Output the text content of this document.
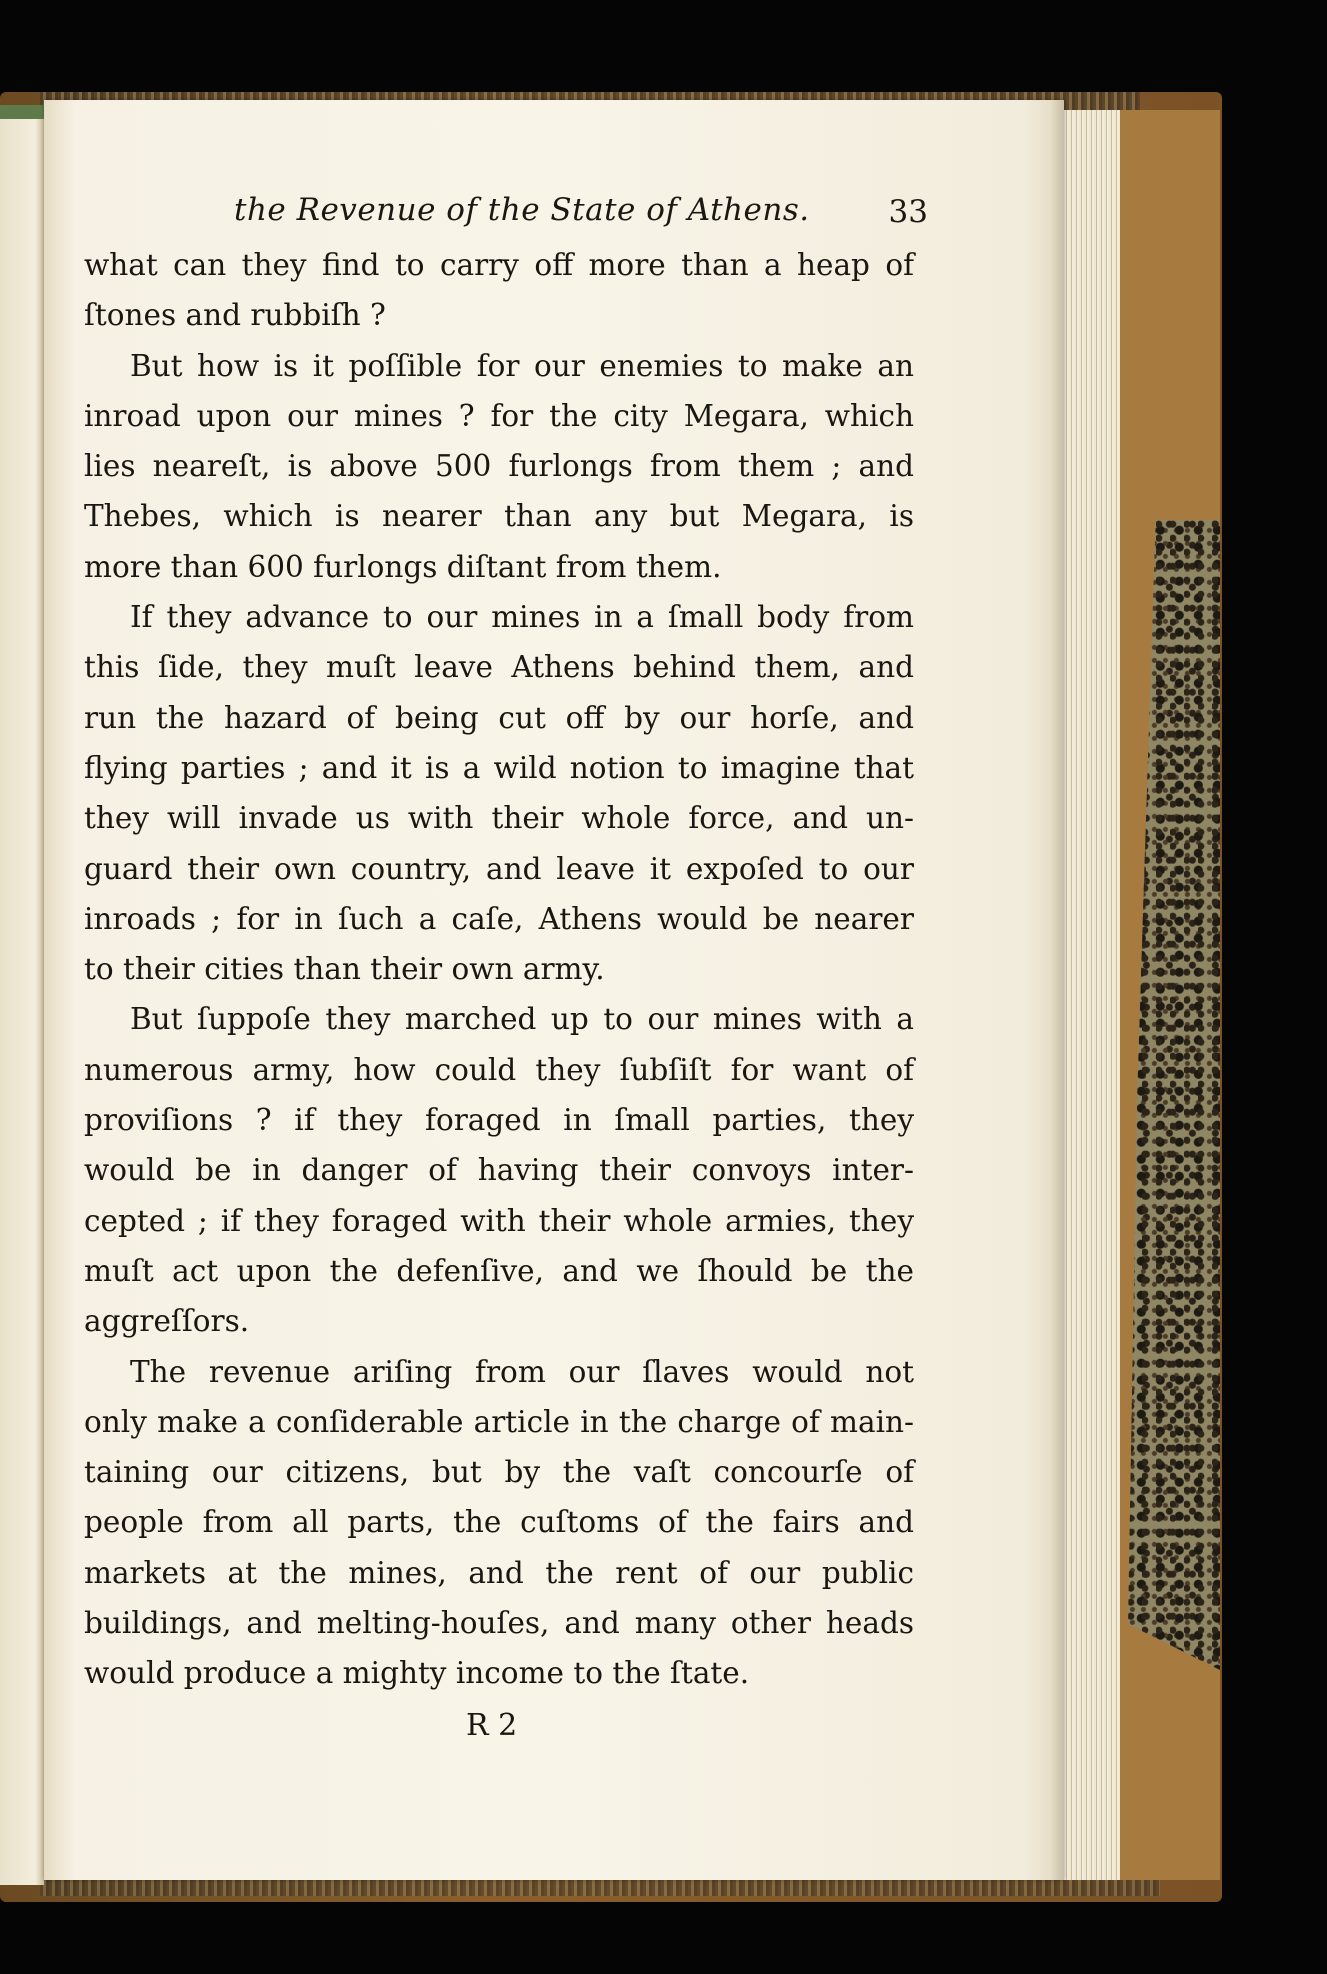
the Revenue of the State of Athens.	33
what can they find to carry off more than a heap of
ſtones and rubbiſh ?
But how is it poſſible for our enemies to make an
inroad upon our mines ? for the city Megara, which
lies neareſt, is above 500 furlongs from them ; and
Thebes, which is nearer than any but Megara, is
more than 600 furlongs diſtant from them.
If they advance to our mines in a ſmall body from
this ſide, they muſt leave Athens behind them, and
run the hazard of being cut off by our horſe, and
flying parties ; and it is a wild notion to imagine that
they will invade us with their whole force, and un-
guard their own country, and leave it expoſed to our
inroads ; for in ſuch a caſe, Athens would be nearer
to their cities than their own army.
But ſuppoſe they marched up to our mines with a
numerous army, how could they ſubſiſt for want of
proviſions ? if they foraged in ſmall parties, they
would be in danger of having their convoys inter-
cepted ; if they foraged with their whole armies, they
muſt act upon the defenſive, and we ſhould be the
aggreſſors.
The revenue ariſing from our ſlaves would not
only make a conſiderable article in the charge of main-
taining our citizens, but by the vaſt concourſe of
people from all parts, the cuſtoms of the fairs and
markets at the mines, and the rent of our public
buildings, and melting-houſes, and many other heads
would produce a mighty income to the ſtate.
R 2
